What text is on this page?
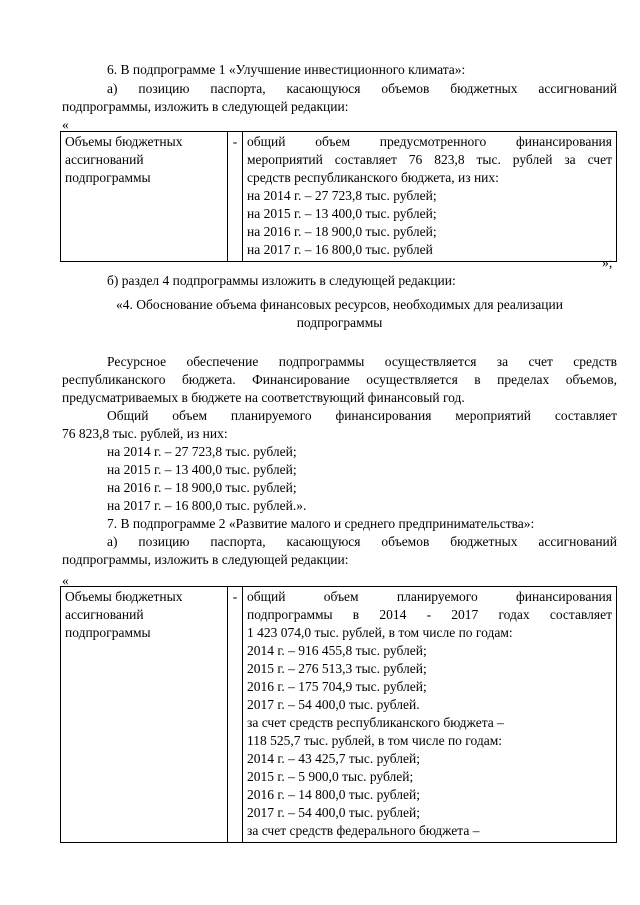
6. В подпрограмме 1 «Улучшение инвестиционного климата»:
а) позицию паспорта, касающуюся объемов бюджетных ассигнований
подпрограммы, изложить в следующей редакции:
«
Объемы бюджетных
ассигнований
подпрограммы
	-	общий объем предусмотренного финансирования
мероприятий составляет 76 823,8 тыс. рублей за счет
средств республиканского бюджета, из них:
на 2014 г. – 27 723,8 тыс. рублей;
на 2015 г. – 13 400,0 тыс. рублей;
на 2016 г. – 18 900,0 тыс. рублей;
на 2017 г. – 16 800,0 тыс. рублей
»;
б) раздел 4 подпрограммы изложить в следующей редакции:
«4. Обоснование объема финансовых ресурсов, необходимых для реализации
подпрограммы
Ресурсное обеспечение подпрограммы осуществляется за счет средств
республиканского бюджета. Финансирование осуществляется в пределах объемов,
предусматриваемых в бюджете на соответствующий финансовый год.
Общий объем планируемого финансирования мероприятий составляет
76 823,8 тыс. рублей, из них:
на 2014 г. – 27 723,8 тыс. рублей;
на 2015 г. – 13 400,0 тыс. рублей;
на 2016 г. – 18 900,0 тыс. рублей;
на 2017 г. – 16 800,0 тыс. рублей.».
7. В подпрограмме 2 «Развитие малого и среднего предпринимательства»:
а) позицию паспорта, касающуюся объемов бюджетных ассигнований
подпрограммы, изложить в следующей редакции:
«
Объемы бюджетных
ассигнований
подпрограммы
	-	общий объем планируемого финансирования
подпрограммы в 2014 - 2017 годах составляет
1 423 074,0 тыс. рублей, в том числе по годам:
2014 г. – 916 455,8 тыс. рублей;
2015 г. – 276 513,3 тыс. рублей;
2016 г. – 175 704,9 тыс. рублей;
2017 г. – 54 400,0 тыс. рублей.
за счет средств республиканского бюджета –
118 525,7 тыс. рублей, в том числе по годам:
2014 г. – 43 425,7 тыс. рублей;
2015 г. – 5 900,0 тыс. рублей;
2016 г. – 14 800,0 тыс. рублей;
2017 г. – 54 400,0 тыс. рублей;
за счет средств федерального бюджета –
